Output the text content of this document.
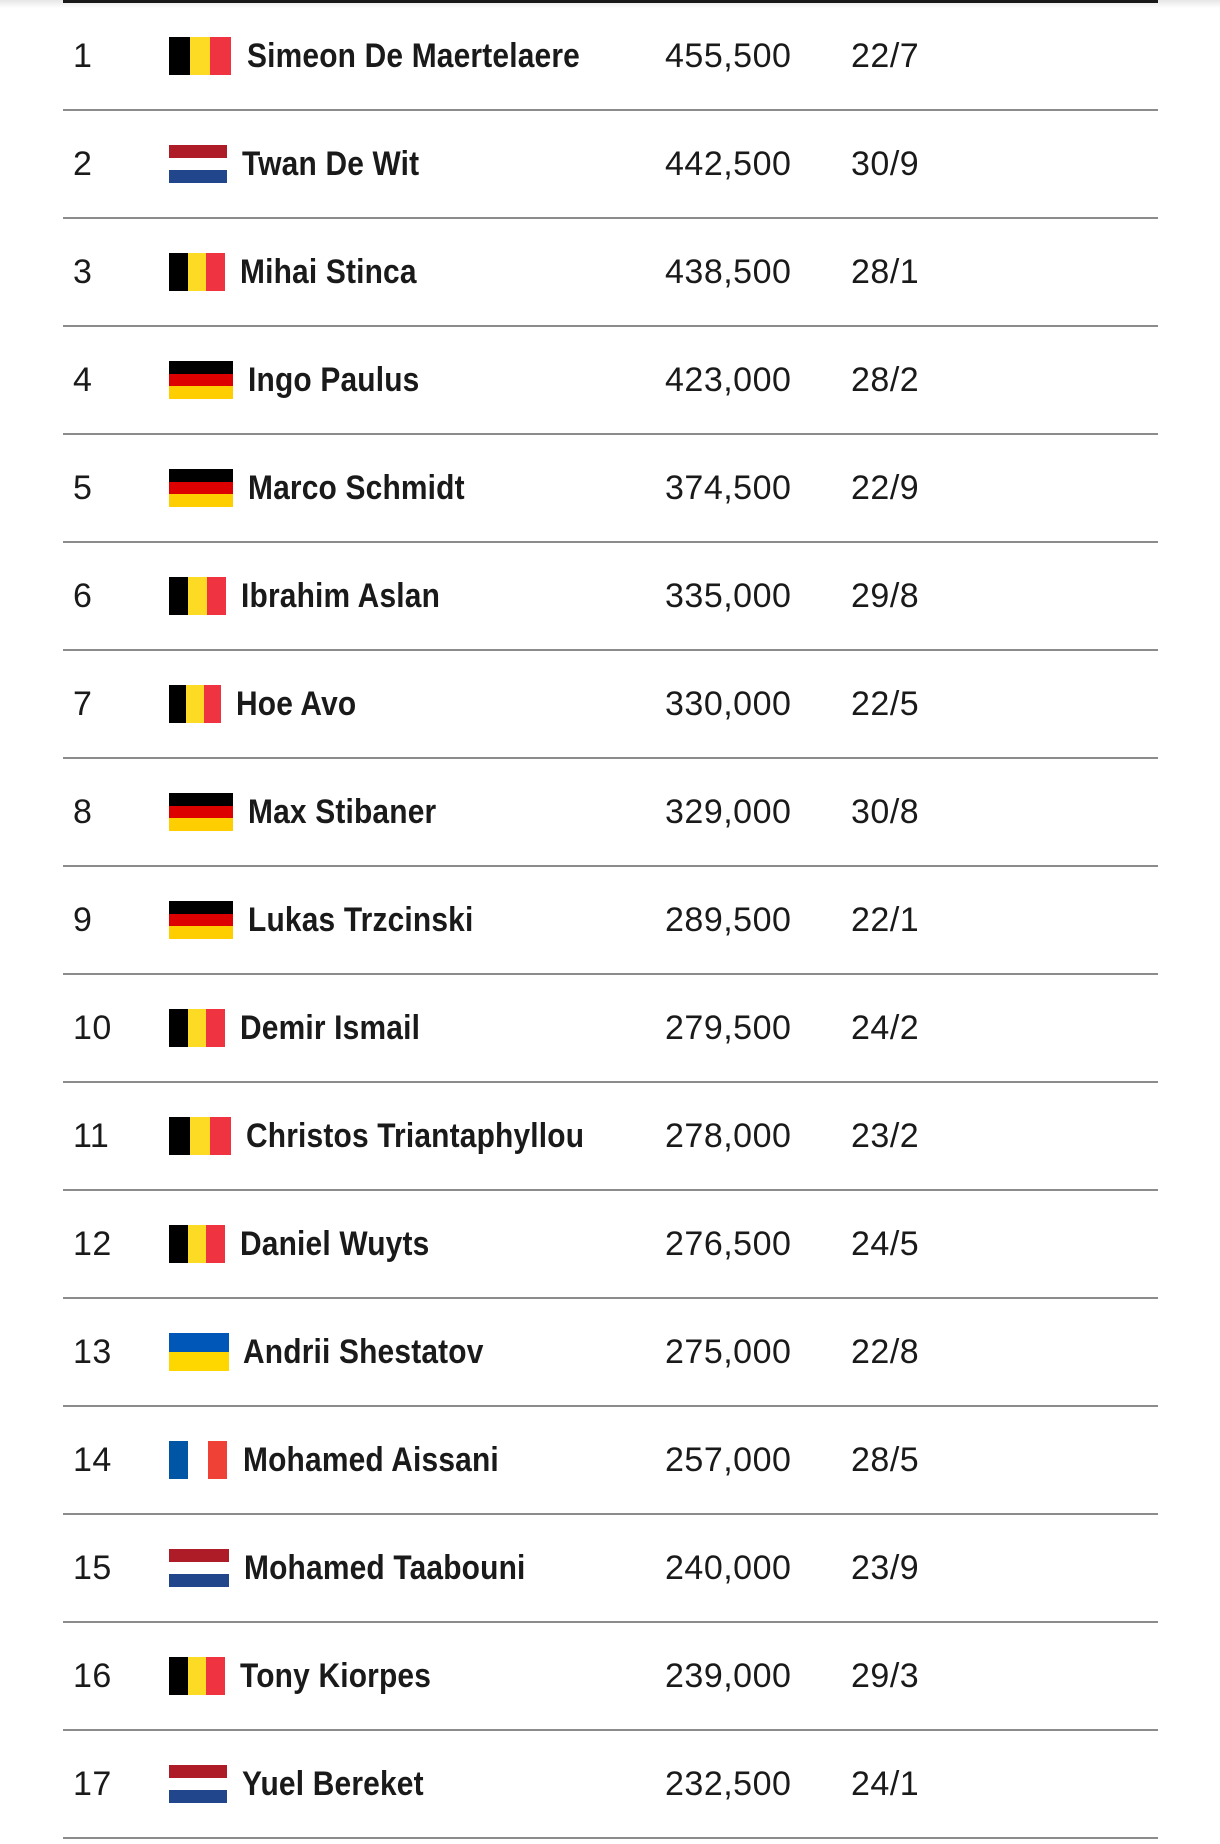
1	Simeon De Maertelaere	455,500 22/7
2	Twan De Wit	442,500 30/9
3	Mihai Stinca	438,500 28/1
4	Ingo Paulus	423,000 28/2
5	Marco Schmidt	374,500 22/9
6	Ibrahim Aslan	335,000 29/8
7	Hoe Avo	330,000 22/5
8	Max Stibaner	329,000 30/8
9	Lukas Trzcinski	289,500 22/1
10	Demir Ismail	279,500 24/2
11	Christos Triantaphyllou 278,000 23/2
12	Daniel Wuyts	276,500 24/5
13	Andrii Shestatov	275,000 22/8
14	Mohamed Aissani	257,000 28/5
15	Mohamed Taabouni	240,000 23/9
16	Tony Kiorpes	239,000 29/3
17	Yuel Bereket	232,500 24/1
